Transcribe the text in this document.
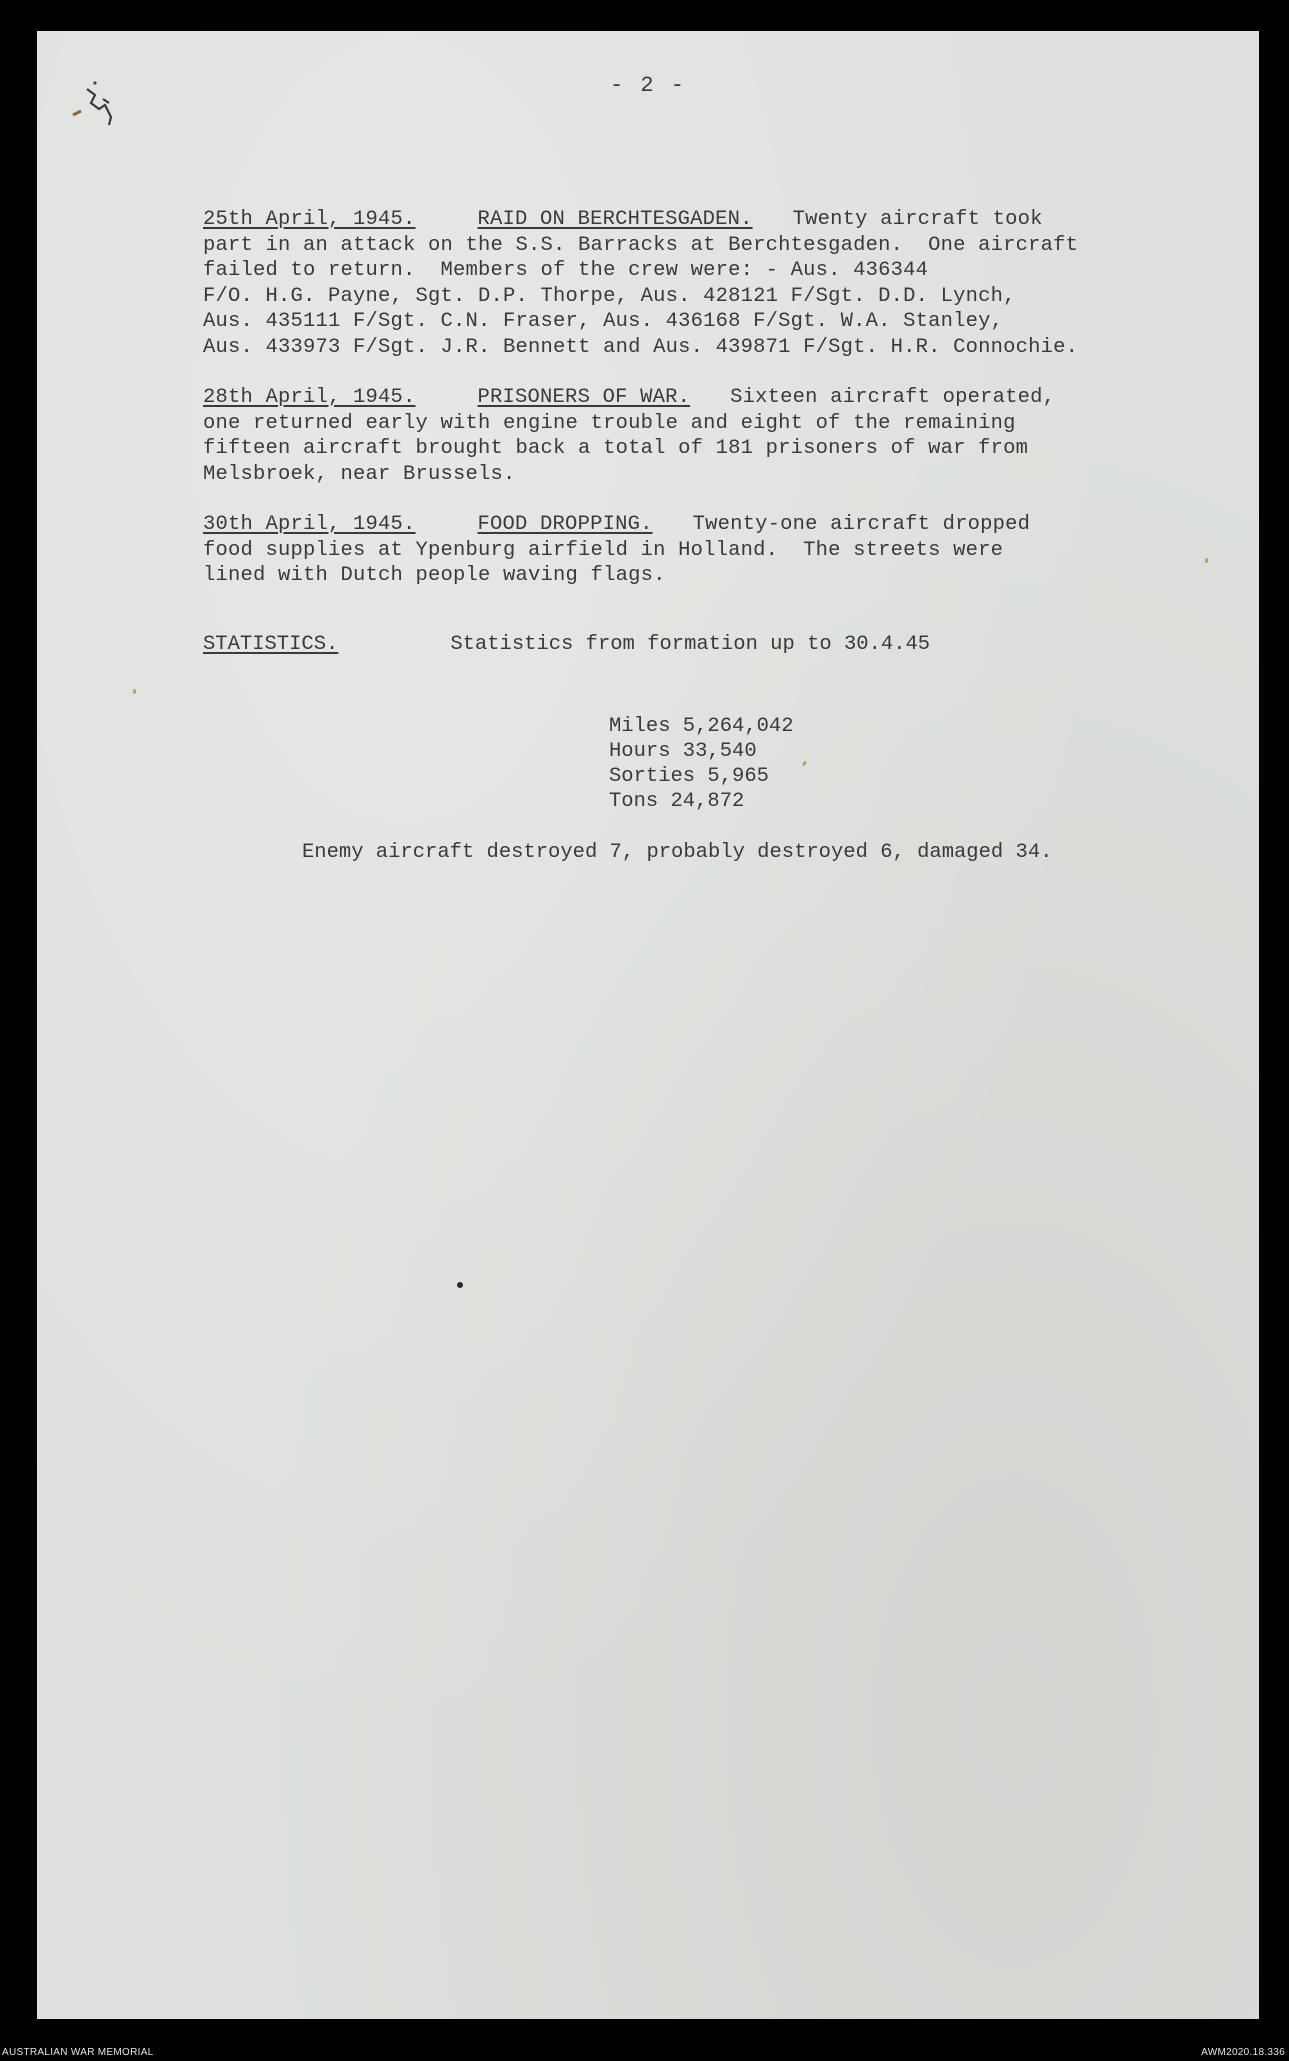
- 2 -
25th April, 1945.	RAID ON BERCHTESGADEN. Twenty aircraft took
part in an attack on the S.S. Barracks at Berchtesgaden.  One aircraft
failed to return.  Members of the crew were: - Aus. 436344
F/O. H.G. Payne, Sgt. D.P. Thorpe, Aus. 428121 F/Sgt. D.D. Lynch,
Aus. 435111 F/Sgt. C.N. Fraser, Aus. 436168 F/Sgt. W.A. Stanley,
Aus. 433973 F/Sgt. J.R. Bennett and Aus. 439871 F/Sgt. H.R. Connochie.
28th April, 1945.	PRISONERS OF WAR. Sixteen aircraft operated,
one returned early with engine trouble and eight of the remaining
fifteen aircraft brought back a total of 181 prisoners of war from
Melsbroek, near Brussels.
30th April, 1945.	FOOD DROPPING. Twenty-one aircraft dropped
food supplies at Ypenburg airfield in Holland.  The streets were
lined with Dutch people waving flags.
STATISTICS.	Statistics from formation up to 30.4.45
Miles 5,264,042
Hours 33,540
Sorties 5,965
Tons 24,872
Enemy aircraft destroyed 7, probably destroyed 6, damaged 34.
AUSTRALIAN WAR MEMORIAL	AWM2020.18.336
